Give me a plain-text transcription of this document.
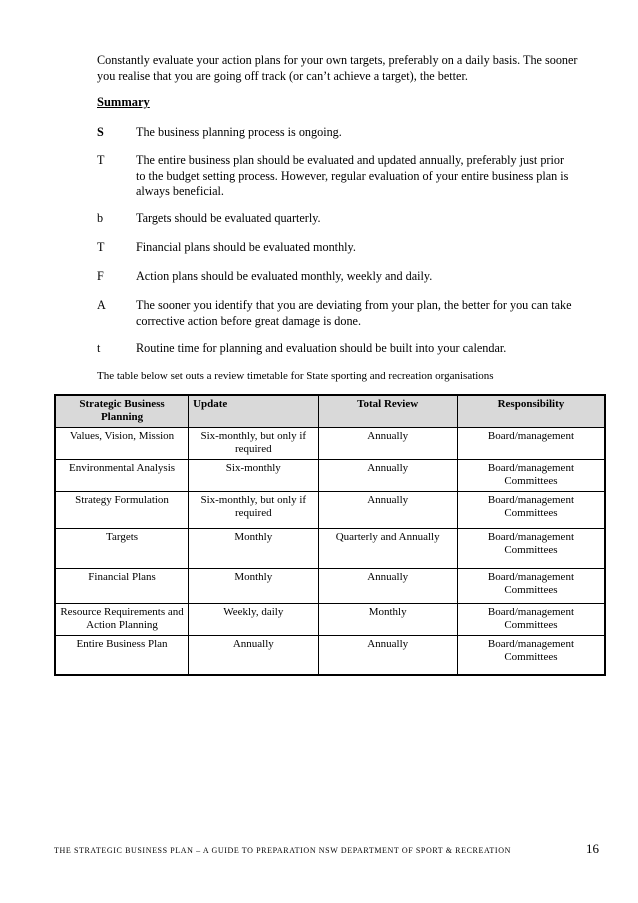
Constantly evaluate your action plans for your own targets, preferably on a daily basis. The sooner you realise that you are going off track (or can’t achieve a target), the better.

Summary

S	The business planning process is ongoing.
T	The entire business plan should be evaluated and updated annually, preferably just prior to the budget setting process. However, regular evaluation of your entire business plan is always beneficial.
b	Targets should be evaluated quarterly.
T	Financial plans should be evaluated monthly.
F	Action plans should be evaluated monthly, weekly and daily.
A	The sooner you identify that you are deviating from your plan, the better for you can take corrective action before great damage is done.
t	Routine time for planning and evaluation should be built into your calendar.

The table below set outs a review timetable for State sporting and recreation organisations

Strategic Business Planning	Update	Total Review	Responsibility
Values, Vision, Mission	Six-monthly, but only if required	Annually	Board/management
Environmental Analysis	Six-monthly	Annually	Board/management Committees
Strategy Formulation	Six-monthly, but only if required	Annually	Board/management Committees
Targets	Monthly	Quarterly and Annually	Board/management Committees
Financial Plans	Monthly	Annually	Board/management Committees
Resource Requirements and Action Planning	Weekly, daily	Monthly	Board/management Committees
Entire Business Plan	Annually	Annually	Board/management Committees
THE STRATEGIC BUSINESS PLAN – A GUIDE TO PREPARATION NSW DEPARTMENT OF SPORT & RECREATION	16
